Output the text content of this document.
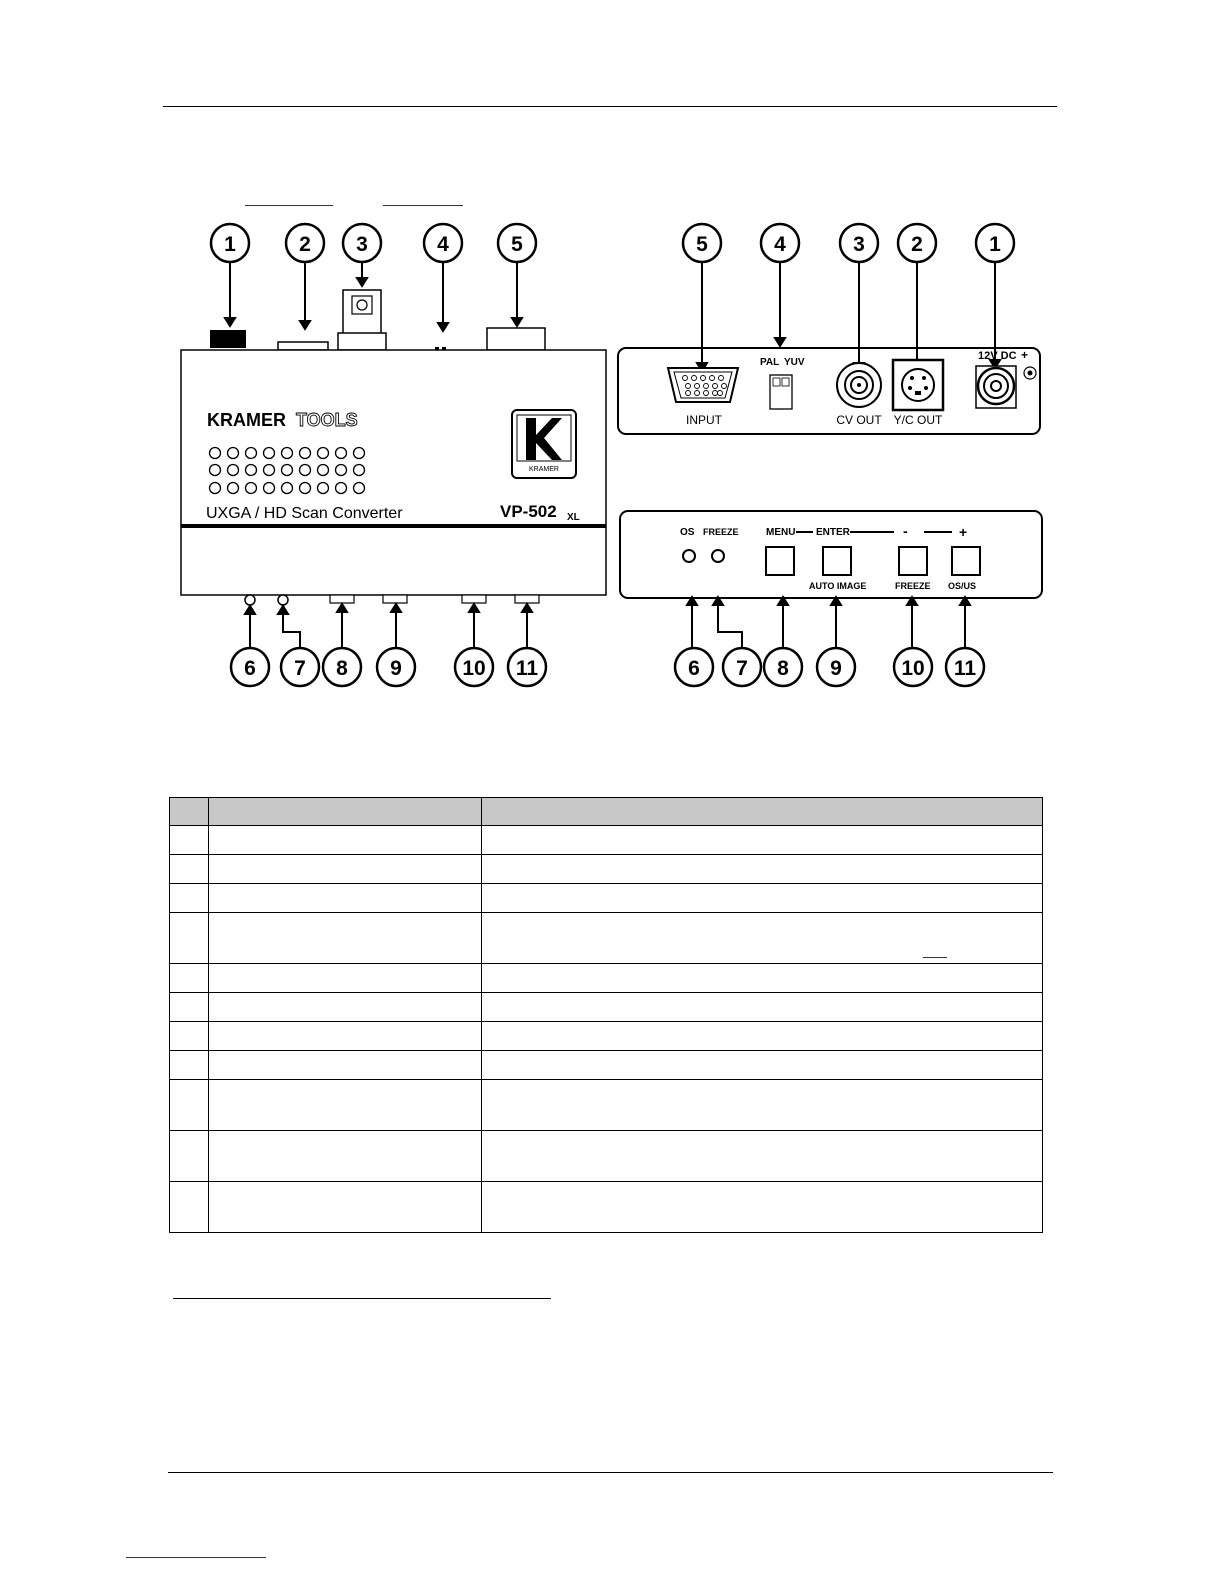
1	2 3	4	5
KRAMER TOOLS
UXGA / HD Scan Converter	VP-502 XL
KRAMER
6 7 8 9	10 11
5	4	3 2	1
INPUT
PAL YUV
CV OUT Y/C OUT
12V DC +
OS FREEZE	MENU ENTER	-	+
AUTO IMAGE	FREEZE OS/US
6 7 8 9	10 11
